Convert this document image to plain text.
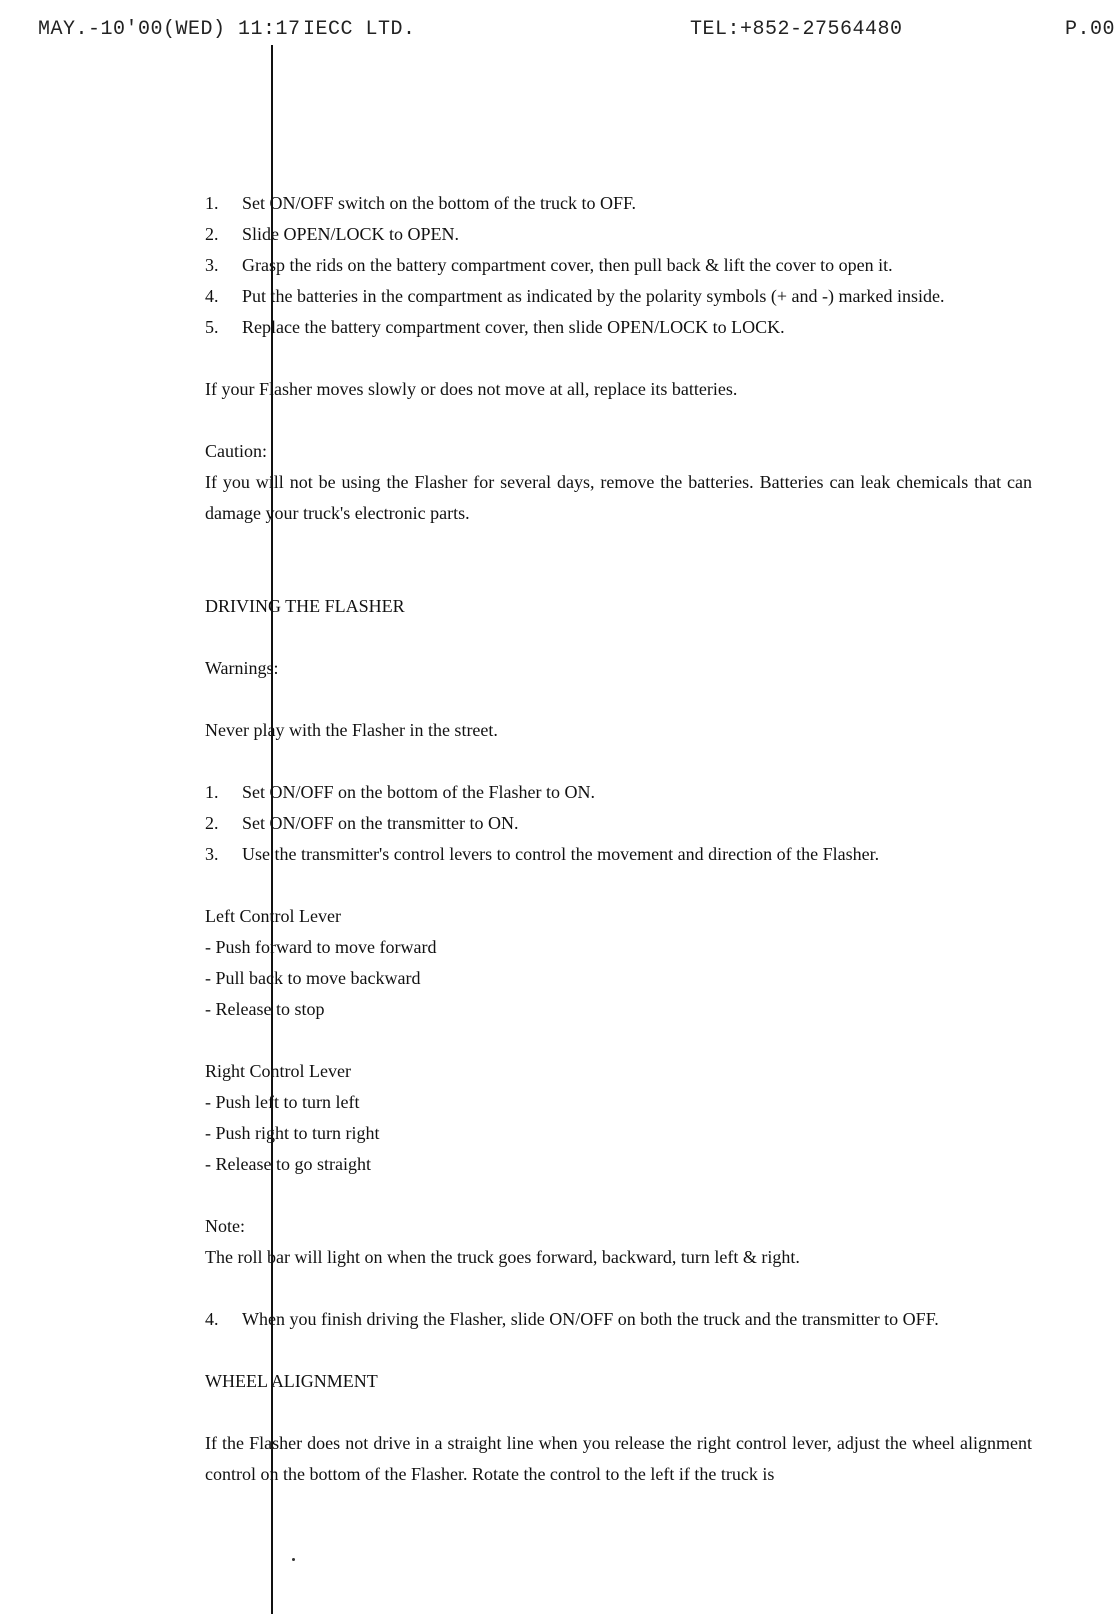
MAY.-10'00(WED) 11:17 IECC LTD.	TEL:+852-27564480	P.00
1. Set ON/OFF switch on the bottom of the truck to OFF.
2. Slide OPEN/LOCK to OPEN.
3. Grasp the rids on the battery compartment cover, then pull back & lift the cover to open it.
4. Put the batteries in the compartment as indicated by the polarity symbols (+ and -) marked inside.
5. Replace the battery compartment cover, then slide OPEN/LOCK to LOCK.

If your Flasher moves slowly or does not move at all, replace its batteries.

Caution:

If you will not be using the Flasher for several days, remove the batteries. Batteries can leak chemicals that can damage your truck's electronic parts.

DRIVING THE FLASHER

Warnings:

Never play with the Flasher in the street.

1. Set ON/OFF on the bottom of the Flasher to ON.
2. Set ON/OFF on the transmitter to ON.
3. Use the transmitter's control levers to control the movement and direction of the Flasher.

Left Control Lever

- Push forward to move forward

- Pull back to move backward

- Release to stop

Right Control Lever

- Push left to turn left

- Push right to turn right

- Release to go straight

Note:

The roll bar will light on when the truck goes forward, backward, turn left & right.

4. When you finish driving the Flasher, slide ON/OFF on both the truck and the transmitter to OFF.

WHEEL ALIGNMENT

If the Flasher does not drive in a straight line when you release the right control lever, adjust the wheel alignment control on the bottom of the Flasher. Rotate the control to the left if the truck is
